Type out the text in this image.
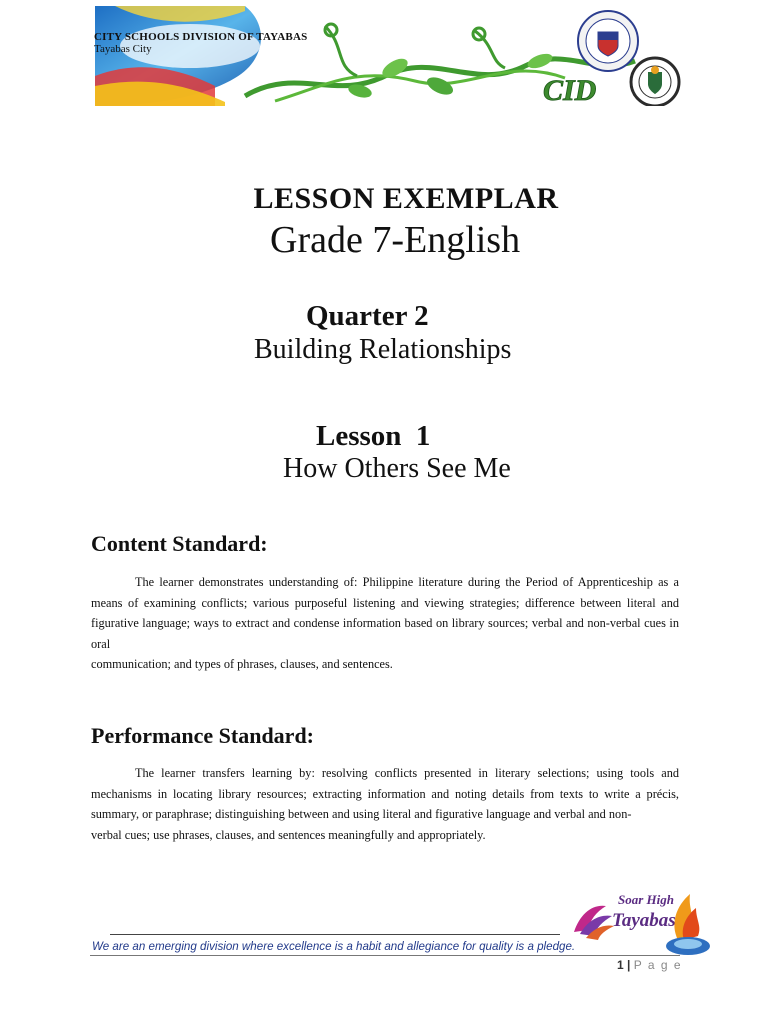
CID
CITY SCHOOLS DIVISION OF TAYABAS
Tayabas City
LESSON EXEMPLAR
Grade 7-English
Quarter 2
Building Relationships
Lesson  1
How Others See Me
Content Standard:

The learner demonstrates understanding of: Philippine literature during the Period of Apprenticeship as a means of examining conflicts; various purposeful listening and viewing strategies; difference between literal and figurative language; ways to extract and condense information based on library sources; verbal and non-verbal cues in oral

communication; and types of phrases, clauses, and sentences.

Performance Standard:

The learner transfers learning by: resolving conflicts presented in literary selections; using tools and mechanisms in locating library resources; extracting information and noting details from texts to write a précis, summary, or paraphrase; distinguishing between and using literal and figurative language and verbal and non-

verbal cues; use phrases, clauses, and sentences meaningfully and appropriately.

We are an emerging division where excellence is a habit and allegiance for quality is a pledge.
1 | P a g e
Soar High
Tayabas
